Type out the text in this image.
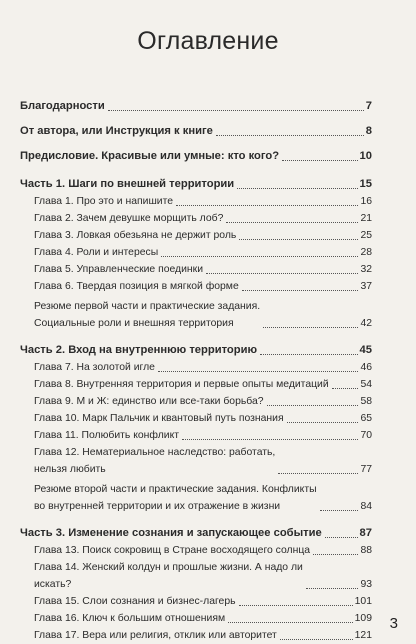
Оглавление
Благодарности	7
От автора, или Инструкция к книге	8
Предисловие. Красивые или умные: кто кого?	10
Часть 1. Шаги по внешней территории	15
Глава 1. Про это и напишите	16
Глава 2. Зачем девушке морщить лоб?	21
Глава 3. Ловкая обезьяна не держит роль	25
Глава 4. Роли и интересы	28
Глава 5. Управленческие поединки	32
Глава 6. Твердая позиция в мягкой форме	37
Резюме первой части и практические задания.
Социальные роли и внешняя территория	42
Часть 2. Вход на внутреннюю территорию	45
Глава 7. На золотой игле	46
Глава 8. Внутренняя территория и первые опыты медитаций	54
Глава 9. М и Ж: единство или все-таки борьба?	58
Глава 10. Марк Пальчик и квантовый путь познания	65
Глава 11. Полюбить конфликт	70
Глава 12. Нематериальное наследство: работать,
нельзя любить	77
Резюме второй части и практические задания. Конфликты
во внутренней территории и их отражение в жизни	84
Часть 3. Изменение сознания и запускающее событие	87
Глава 13. Поиск сокровищ в Стране восходящего солнца	88
Глава 14. Женский колдун и прошлые жизни. А надо ли
искать?	93
Глава 15. Слои сознания и бизнес-лагерь	101
Глава 16. Ключ к большим отношениям	109
Глава 17. Вера или религия, отклик или авторитет	121
3
